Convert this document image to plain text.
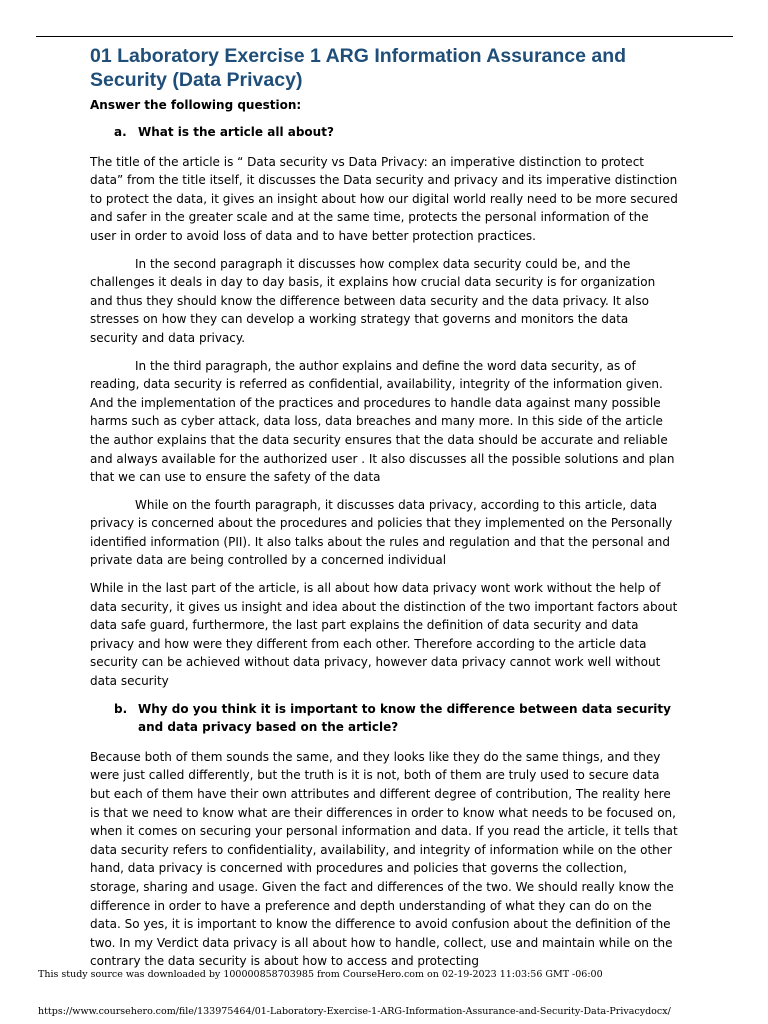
01 Laboratory Exercise 1 ARG Information Assurance and Security (Data Privacy)

Answer the following question:

a. What is the article all about?

The title of the article is “ Data security vs Data Privacy: an imperative distinction to protect data” from the title itself, it discusses the Data security and privacy and its imperative distinction to protect the data, it gives an insight about how our digital world really need to be more secured and safer in the greater scale and at the same time, protects the personal information of the user in order to avoid loss of data and to have better protection practices.

In the second paragraph it discusses how complex data security could be, and the challenges it deals in day to day basis, it explains how crucial data security is for organization and thus they should know the difference between data security and the data privacy. It also stresses on how they can develop a working strategy that governs and monitors the data security and data privacy.

In the third paragraph, the author explains and define the word data security, as of reading, data security is referred as confidential, availability, integrity of the information given. And the implementation of the practices and procedures to handle data against many possible harms such as cyber attack, data loss, data breaches and many more. In this side of the article the author explains that the data security ensures that the data should be accurate and reliable and always available for the authorized user . It also discusses all the possible solutions and plan that we can use to ensure the safety of the data

While on the fourth paragraph, it discusses data privacy, according to this article, data privacy is concerned about the procedures and policies that they implemented on the Personally identified information (PII). It also talks about the rules and regulation and that the personal and private data are being controlled by a concerned individual

While in the last part of the article, is all about how data privacy wont work without the help of data security, it gives us insight and idea about the distinction of the two important factors about data safe guard, furthermore, the last part explains the definition of data security and data privacy and how were they different from each other. Therefore according to the article data security can be achieved without data privacy, however data privacy cannot work well without data security

b. Why do you think it is important to know the difference between data security and data privacy based on the article?

Because both of them sounds the same, and they looks like they do the same things, and they were just called differently, but the truth is it is not, both of them are truly used to secure data but each of them have their own attributes and different degree of contribution, The reality here is that we need to know what are their differences in order to know what needs to be focused on, when it comes on securing your personal information and data. If you read the article, it tells that data security refers to confidentiality, availability, and integrity of information while on the other hand, data privacy is concerned with procedures and policies that governs the collection, storage, sharing and usage. Given the fact and differences of the two. We should really know the difference in order to have a preference and depth understanding of what they can do on the data. So yes, it is important to know the difference to avoid confusion about the definition of the two. In my Verdict data privacy is all about how to handle, collect, use and maintain while on the contrary the data security is about how to access and protecting

This study source was downloaded by 100000858703985 from CourseHero.com on 02-19-2023 11:03:56 GMT -06:00
https://www.coursehero.com/file/133975464/01-Laboratory-Exercise-1-ARG-Information-Assurance-and-Security-Data-Privacydocx/
